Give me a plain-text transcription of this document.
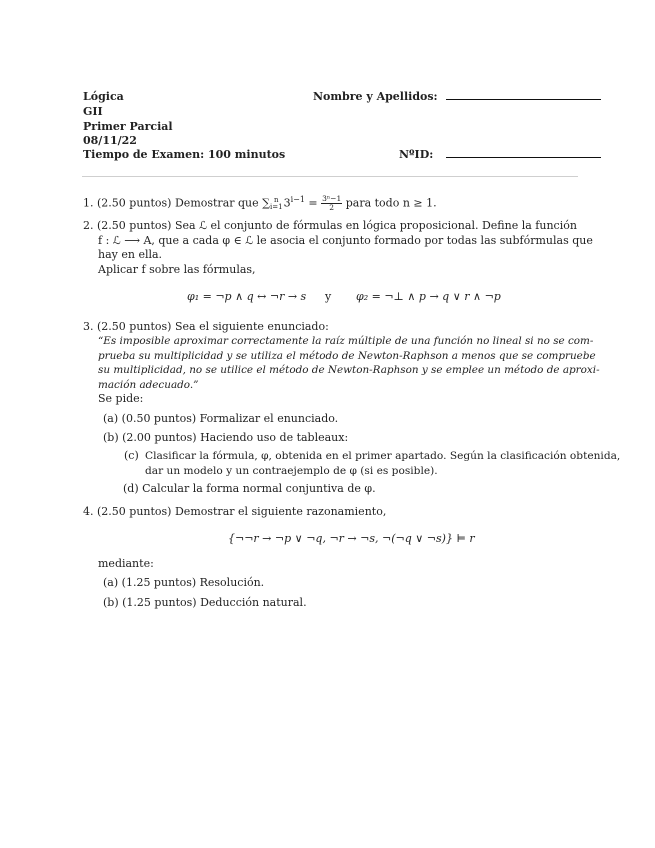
Lógica
GII
Primer Parcial
08/11/22
Tiempo de Examen: 100 minutos
Nombre y Apellidos:
NºID:
1. (2.50 puntos) Demostrar que ∑ n
i=1 $3^{i-1} = \frac{\text{3ⁿ−1}}{2}$ para todo n ≥ 1.
2. (2.50 puntos) Sea ℒ el conjunto de fórmulas en lógica proposicional. Define la función
f : ℒ ⟶ A, que a cada φ ∈ ℒ le asocia el conjunto formado por todas las subfórmulas que
hay en ella.
Aplicar f sobre las fórmulas,
φ₁ = ¬p ∧ q ↔ ¬r → s y φ₂ = ¬⊥ ∧ p → q ∨ r ∧ ¬p
3. (2.50 puntos) Sea el siguiente enunciado:
“Es imposible aproximar correctamente la raíz múltiple de una función no lineal si no se com-
prueba su multiplicidad y se utiliza el método de Newton-Raphson a menos que se compruebe
su multiplicidad, no se utilice el método de Newton-Raphson y se emplee un método de aproxi-
mación adecuado.”
Se pide:
(a) (0.50 puntos) Formalizar el enunciado.
(b) (2.00 puntos) Haciendo uso de tableaux:
(c) Clasificar la fórmula, φ, obtenida en el primer apartado. Según la clasificación obtenida,
dar un modelo y un contraejemplo de φ (si es posible).
(d) Calcular la forma normal conjuntiva de φ.
4. (2.50 puntos) Demostrar el siguiente razonamiento,
{¬¬r → ¬p ∨ ¬q, ¬r → ¬s, ¬(¬q ∨ ¬s)} ⊨ r
mediante:
(a) (1.25 puntos) Resolución.
(b) (1.25 puntos) Deducción natural.
